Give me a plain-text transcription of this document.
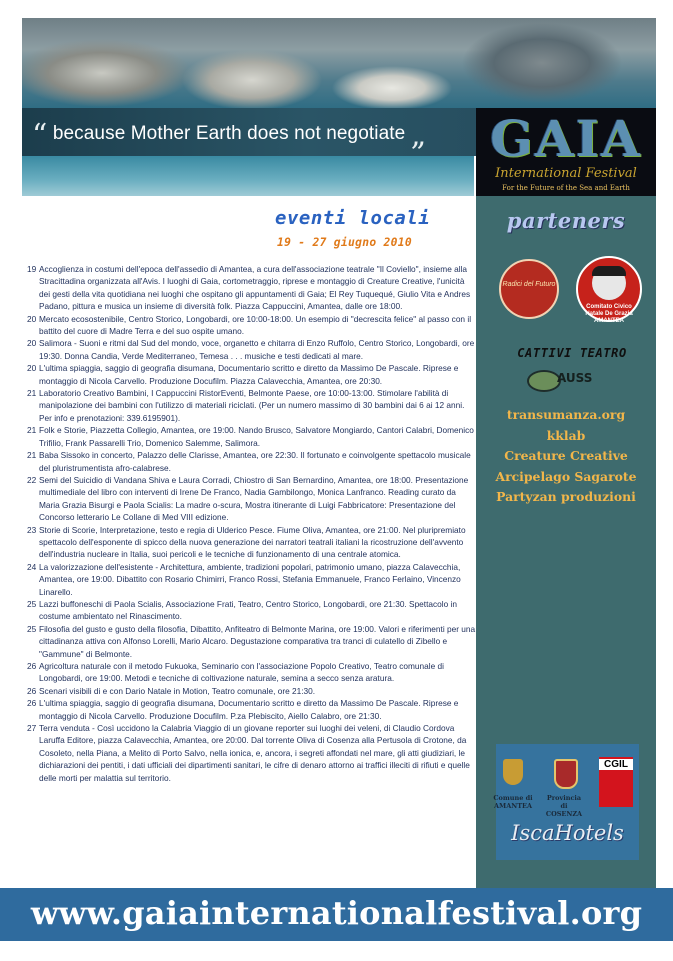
“ because Mother Earth does not negotiate „ GAIA
International Festival
For the Future of the Sea and Earth
parteners
Radici del Futuro
Comitato Civico Natale De Grazia AMANTEA
CATTIVI TEATRO
AUSS
transumanza.org
kklab
Creature Creative
Arcipelago Sagarote
Partyzan produzioni
CGIL
Comune di AMANTEA
Provincia di COSENZA
IscaHotels
eventi locali
19 - 27 giugno 2010
19 Accoglienza in costumi dell'epoca dell'assedio di Amantea, a cura dell'associazione teatrale "Il Coviello", insieme alla Stracittadina organizzata all'Avis. I luoghi di Gaia, cortometraggio, riprese e montaggio di Creature Creative, l'unicità dei gesti della vita quotidiana nei luoghi che ospitano gli appuntamenti di Gaia; El Rey Tuquequé, Giulio Vita e Andres Padano, pittura e musica un insieme di diversità folk. Piazza Cappuccini, Amantea, dalle ore 18:00.
20 Mercato ecosostenibile, Centro Storico, Longobardi, ore 10:00-18:00. Un esempio di "decrescita felice" al passo con il battito del cuore di Madre Terra e del suo ospite umano.
20 Salimora - Suoni e ritmi dal Sud del mondo, voce, organetto e chitarra di Enzo Ruffolo, Centro Storico, Longobardi, ore 19:30. Donna Candia, Verde Mediterraneo, Temesa . . . musiche e testi dedicati al mare.
20 L'ultima spiaggia, saggio di geografia disumana, Documentario scritto e diretto da Massimo De Pascale. Riprese e montaggio di Nicola Carvello. Produzione Docufilm. Piazza Calavecchia, Amantea, ore 20:30.
21 Laboratorio Creativo Bambini, I Cappuccini RistorEventi, Belmonte Paese, ore 10:00-13:00. Stimolare l'abilità di manipolazione dei bambini con l'utilizzo di materiali riciclati. (Per un numero massimo di 30 bambini dai 6 ai 12 anni. Per info e prenotazioni: 339.6195901).
21 Folk e Storie, Piazzetta Collegio, Amantea, ore 19:00. Nando Brusco, Salvatore Mongiardo, Cantori Calabri, Domenico Trifilio, Frank Passarelli Trio, Domenico Salemme, Salimora.
21 Baba Sissoko in concerto, Palazzo delle Clarisse, Amantea, ore 22:30. Il fortunato e coinvolgente spettacolo musicale del pluristrumentista afro-calabrese.
22 Semi del Suicidio di Vandana Shiva e Laura Corradi, Chiostro di San Bernardino, Amantea, ore 18:00. Presentazione multimediale del libro con interventi di Irene De Franco, Nadia Gambilongo, Monica Lanfranco. Reading curato da Maria Grazia Bisurgi e Paola Scialis: La madre o-scura, Mostra itinerante di Luigi Fabbricatore: Presentazione del Concorso letterario Le Collane di Med VIII edizione.
23 Storie di Scorie, Interpretazione, testo e regia di Ulderico Pesce. Fiume Oliva, Amantea, ore 21:00. Nel pluripremiato spettacolo dell'esponente di spicco della nuova generazione dei narratori teatrali italiani la ricostruzione dell'avvento dell'industria nucleare in Italia, suoi pericoli e le tecniche di funzionamento di una centrale atomica.
24 La valorizzazione dell'esistente - Architettura, ambiente, tradizioni popolari, patrimonio umano, piazza Calavecchia, Amantea, ore 19:00. Dibattito con Rosario Chimirri, Franco Rossi, Stefania Emmanuele, Franco Ferlaino, Vincenzo Linarello.
25 Lazzi buffoneschi di Paola Scialis, Associazione Frati, Teatro, Centro Storico, Longobardi, ore 21:30. Spettacolo in costume ambientato nel Rinascimento.
25 Filosofia del gusto e gusto della filosofia, Dibattito, Anfiteatro di Belmonte Marina, ore 19:00. Valori e riferimenti per una cittadinanza attiva con Alfonso Lorelli, Mario Alcaro. Degustazione comparativa tra tranci di culatello di Zibello e "Gammune" di Belmonte.
26 Agricoltura naturale con il metodo Fukuoka, Seminario con l'associazione Popolo Creativo, Teatro comunale di Longobardi, ore 19:00. Metodi e tecniche di coltivazione naturale, semina a secco senza aratura.
26 Scenari visibili di e con Dario Natale in Motion, Teatro comunale, ore 21:30.
26 L'ultima spiaggia, saggio di geografia disumana, Documentario scritto e diretto da Massimo De Pascale. Riprese e montaggio di Nicola Carvello. Produzione Docufilm. P.za Plebiscito, Aiello Calabro, ore 21:30.
27 Terra venduta - Così uccidono la Calabria Viaggio di un giovane reporter sui luoghi dei veleni, di Claudio Cordova Laruffa Editore, piazza Calavecchia, Amantea, ore 20:00. Dal torrente Oliva di Cosenza alla Pertusola di Crotone, da Cosoleto, nella Piana, a Melito di Porto Salvo, nella ionica, e, ancora, i segreti affondati nel mare, gli atti giudiziari, le dichiarazioni dei pentiti, i dati ufficiali dei dipartimenti sanitari, le cifre di denaro attorno ai traffici illeciti di rifiuti e quelle delle morti per malattia sul territorio.
www.gaiainternationalfestival.org
